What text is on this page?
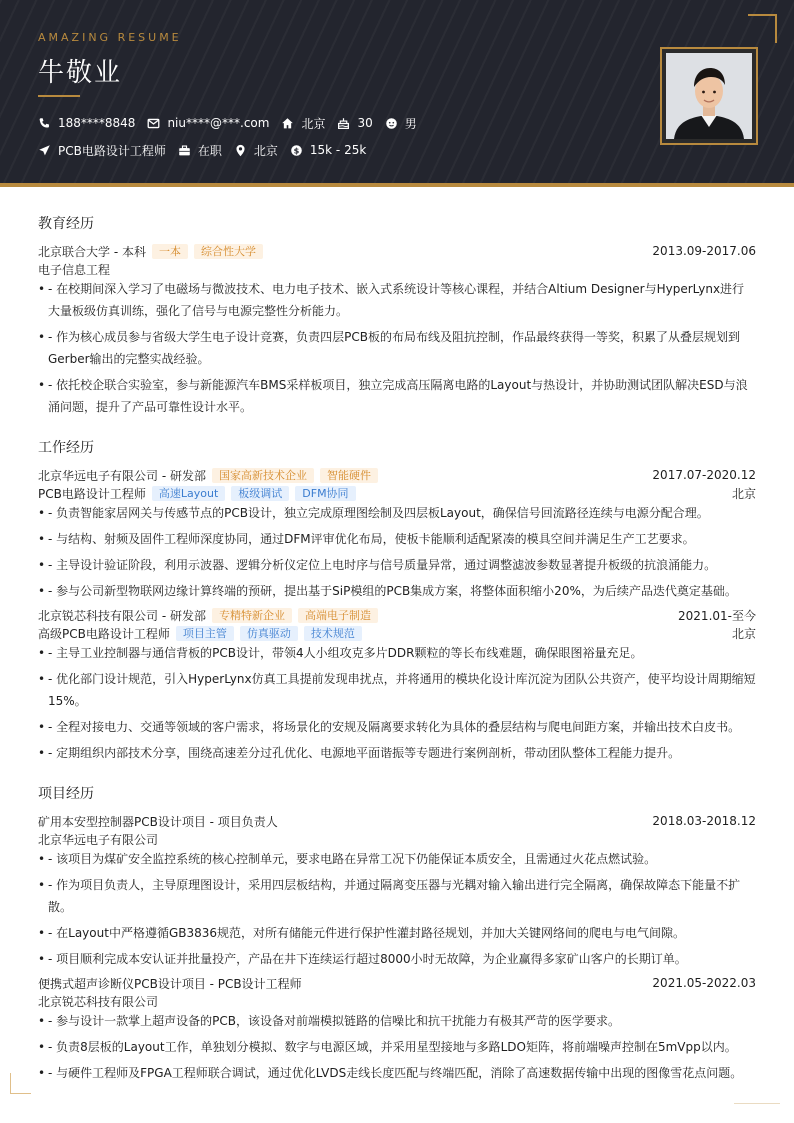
AMAZING RESUME
牛敬业
188****8848	niu****@***.com	北京	30	男
PCB电路设计工程师	在职	北京 $ 15k - 25k
教育经历
北京联合大学 - 本科	一本	综合性大学	2013.09-2017.06
电子信息工程
• - 在校期间深入学习了电磁场与微波技术、电力电子技术、嵌入式系统设计等核心课程，并结合Altium Designer与HyperLynx进行大量板级仿真训练，强化了信号与电源完整性分析能力。
• - 作为核心成员参与省级大学生电子设计竞赛，负责四层PCB板的布局布线及阻抗控制，作品最终获得一等奖，积累了从叠层规划到Gerber输出的完整实战经验。
• - 依托校企联合实验室，参与新能源汽车BMS采样板项目，独立完成高压隔离电路的Layout与热设计，并协助测试团队解决ESD与浪涌问题，提升了产品可靠性设计水平。
工作经历
北京华远电子有限公司 - 研发部	国家高新技术企业	智能硬件	2017.07-2020.12
PCB电路设计工程师	高速Layout	板级调试	DFM协同	北京
• - 负责智能家居网关与传感节点的PCB设计，独立完成原理图绘制及四层板Layout，确保信号回流路径连续与电源分配合理。
• - 与结构、射频及固件工程师深度协同，通过DFM评审优化布局，使板卡能顺利适配紧凑的模具空间并满足生产工艺要求。
• - 主导设计验证阶段，利用示波器、逻辑分析仪定位上电时序与信号质量异常，通过调整滤波参数显著提升板级的抗浪涌能力。
• - 参与公司新型物联网边缘计算终端的预研，提出基于SiP模组的PCB集成方案，将整体面积缩小20%，为后续产品迭代奠定基础。
北京锐芯科技有限公司 - 研发部	专精特新企业	高端电子制造	2021.01-至今
高级PCB电路设计工程师	项目主管	仿真驱动	技术规范	北京
• - 主导工业控制器与通信背板的PCB设计，带领4人小组攻克多片DDR颗粒的等长布线难题，确保眼图裕量充足。
• - 优化部门设计规范，引入HyperLynx仿真工具提前发现串扰点，并将通用的模块化设计库沉淀为团队公共资产，使平均设计周期缩短15%。
• - 全程对接电力、交通等领域的客户需求，将场景化的安规及隔离要求转化为具体的叠层结构与爬电间距方案，并输出技术白皮书。
• - 定期组织内部技术分享，围绕高速差分过孔优化、电源地平面谐振等专题进行案例剖析，带动团队整体工程能力提升。
项目经历
矿用本安型控制器PCB设计项目 - 项目负责人	2018.03-2018.12
北京华远电子有限公司
• - 该项目为煤矿安全监控系统的核心控制单元，要求电路在异常工况下仍能保证本质安全，且需通过火花点燃试验。
• - 作为项目负责人，主导原理图设计，采用四层板结构，并通过隔离变压器与光耦对输入输出进行完全隔离，确保故障态下能量不扩散。
• - 在Layout中严格遵循GB3836规范，对所有储能元件进行保护性灌封路径规划，并加大关键网络间的爬电与电气间隙。
• - 项目顺利完成本安认证并批量投产，产品在井下连续运行超过8000小时无故障，为企业赢得多家矿山客户的长期订单。
便携式超声诊断仪PCB设计项目 - PCB设计工程师	2021.05-2022.03
北京锐芯科技有限公司
• - 参与设计一款掌上超声设备的PCB，该设备对前端模拟链路的信噪比和抗干扰能力有极其严苛的医学要求。
• - 负责8层板的Layout工作，单独划分模拟、数字与电源区域，并采用星型接地与多路LDO矩阵，将前端噪声控制在5mVpp以内。
• - 与硬件工程师及FPGA工程师联合调试，通过优化LVDS走线长度匹配与终端匹配，消除了高速数据传输中出现的图像雪花点问题。
